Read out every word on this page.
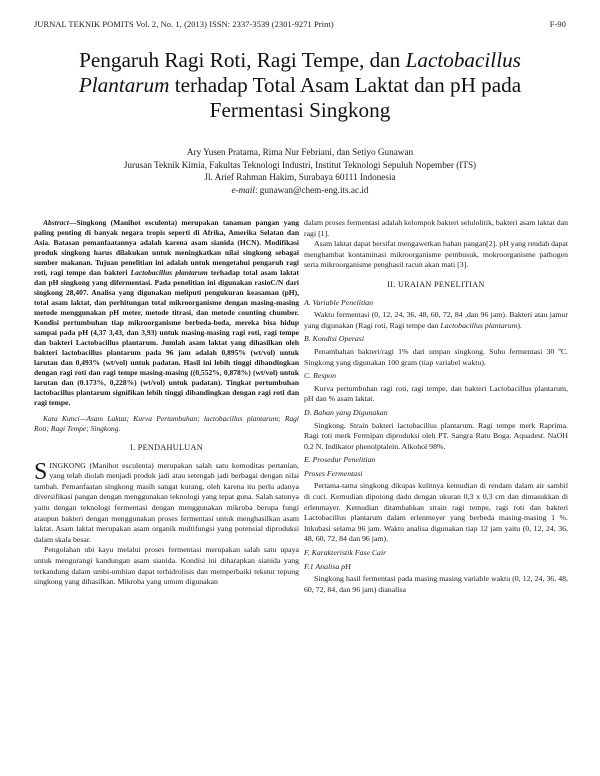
JURNAL TEKNIK POMITS Vol. 2, No. 1, (2013) ISSN: 2337-3539 (2301-9271 Print)	F-90
Pengaruh Ragi Roti, Ragi Tempe, dan Lactobacillus
Plantarum terhadap Total Asam Laktat dan pH pada
Fermentasi Singkong
Ary Yusen Pratama, Rima Nur Febriani, dan Setiyo Gunawan
Jurusan Teknik Kimia, Fakultas Teknologi Industri, Institut Teknologi Sepuluh Nopember (ITS)
Jl. Arief Rahman Hakim, Surabaya 60111 Indonesia
e-mail: gunawan@chem-eng.its.ac.id

Abstract—Singkong (Manihot esculenta) merupakan tanaman pangan yang paling penting di banyak negara tropis seperti di Afrika, Amerika Selatan dan Asia. Batasan pemanfaatannya adalah karena asam sianida (HCN). Modifikasi produk singkong harus dilakukan untuk meningkatkan nilai singkong sebagai sumber makanan. Tujuan penelitian ini adalah untuk mengetahui pengaruh ragi roti, ragi tempe dan bakteri Lactobacillus plantarum terhadap total asam laktat dan pH singkong yang difermentasi. Pada penelitian ini digunakan rasioC/N dari singkong 28,407. Analisa yang digunakan meliputi pengukuran keasaman (pH), total asam laktat, dan perhitungan total mikroorganisme dengan masing-masing metode menggunakan pH meter, metode titrasi, dan metode counting chumber. Kondisi pertumbuhan tiap mikroorganisme berbeda-beda, mereka bisa hidup sampai pada pH (4,37 3,43, dan 3,93) untuk masing-masing ragi roti, ragi tempe dan bakteri Lactobacillus plantarum. Jumlah asam laktat yang dihasilkan oleh bakteri lactobacillus plantarum pada 96 jam adalah 0,895% (wt/vol) untuk larutan dan 0,493% (wt/vol) untuk padatan. Hasil ini lebih tinggi dibandingkan dengan ragi roti dan ragi tempe masing-masing ((0,552%, 0,878%) (wt/vol) untuk larutan dan (0.173%, 0,228%) (wt/vol) untuk padatan). Tingkat pertumbuhan lactobacillus plantarum signifikan lebih tinggi dibandingkan dengan ragi roti dan ragi tempe.

Kata Kunci—Asam Laktat; Kurva Pertumbuhan; lactobacillus plantarum; Ragi Roti; Ragi Tempe; Singkong.

I. PENDAHULUAN

SINGKONG (Manihot esculenta) merupakan salah satu komoditas pertanian, yang telah diolah menjadi produk jadi atau setengah jadi berbagai dengan nilai tambah. Pemanfaatan singkong masih sangat kurang, oleh karena itu perlu adanya diversifikasi pangan dengan menggunakan teknologi yang tepat guna. Salah satunya yaitu dengan teknologi fermentasi dengan menggunakan mikroba berupa fungi ataupun bakteri dengan menggunakan proses fermentasi untuk menghasilkan asam laktat. Asam laktat merupakan asam organik multifungsi yang potensial diproduksi dalam skala besar.

Pengolahan ubi kayu melalui proses fermentasi merupakan salah satu upaya untuk mengurangi kandungan asam sianida. Kondisi ini diharapkan sianida yang terkandung dalam umbi-umbian dapat terhidrolisis dan memperbaiki tekstur tepung singkong yang dihasilkan. Mikroba yang umum digunakan

dalam proses fermentasi adalah kelompok bakteri selulolitik, bakteri asam laktat dan ragi [1].

Asam laktat dapat bersifat mengawetkan bahan pangan[2]. pH yang rendah dapat menghambat kontaminasi mikroorganisme pembusuk, mokroorganisme pathogen serta mikroorganisme penghasil racun akan mati [3].

II. URAIAN PENELITIAN
A. Variable Penelitian

Waktu fermentasi (0, 12, 24, 36, 48, 60, 72, 84 ,dan 96 jam). Bakteri atau jamur yang digunakan (Ragi roti, Ragi tempe dan Lactobacillus plantarum).

B. Kondisi Operasi

Penambahan bakteri/ragi 1% dari umpan singkong. Suhu fermentasi 30 ºC. Singkong yang digunakan 100 gram (tiap variabel waktu).

C. Respon

Kurva pertumbuhan ragi roti, ragi tempe, dan bakteri Lactobacillus plantarum, pH dan % asam laktat.

D. Bahan yang Digunakan

Singkong. Strain bakteri lactobacillus plantarum. Ragi tempe merk Raprima. Ragi roti merk Fermipan diproduksi oleh PT. Sangra Ratu Boga. Aquadest. NaOH 0,2 N. Indikator phenolptalein. Alkohol 98%.

E. Prosedur Penelitian
Proses Fermentasi

Pertama-tama singkong dikupas kulitnya kemudian di rendam dalam air sambil di cuci. Kemudian dipotong dadu dengan ukuran 0,3 x 0,3 cm dan dimasukkan di erlenmayer. Kemudian ditambahkan strain ragi tempe, ragi roti dan bakteri Lactobacillus plantarum dalam erlenmeyer yang berbeda masing-masing 1 %. Inkubasi selama 96 jam. Waktu analisa digunakan tiap 12 jam yaitu (0, 12, 24, 36, 48, 60, 72, 84 dan 96 jam).

F. Karakteristik Fase Cair
F.1 Analisa pH

Singkong hasil fermentasi pada masing masing variable waktu (0, 12, 24, 36, 48, 60, 72, 84, dan 96 jam) dianalisa
